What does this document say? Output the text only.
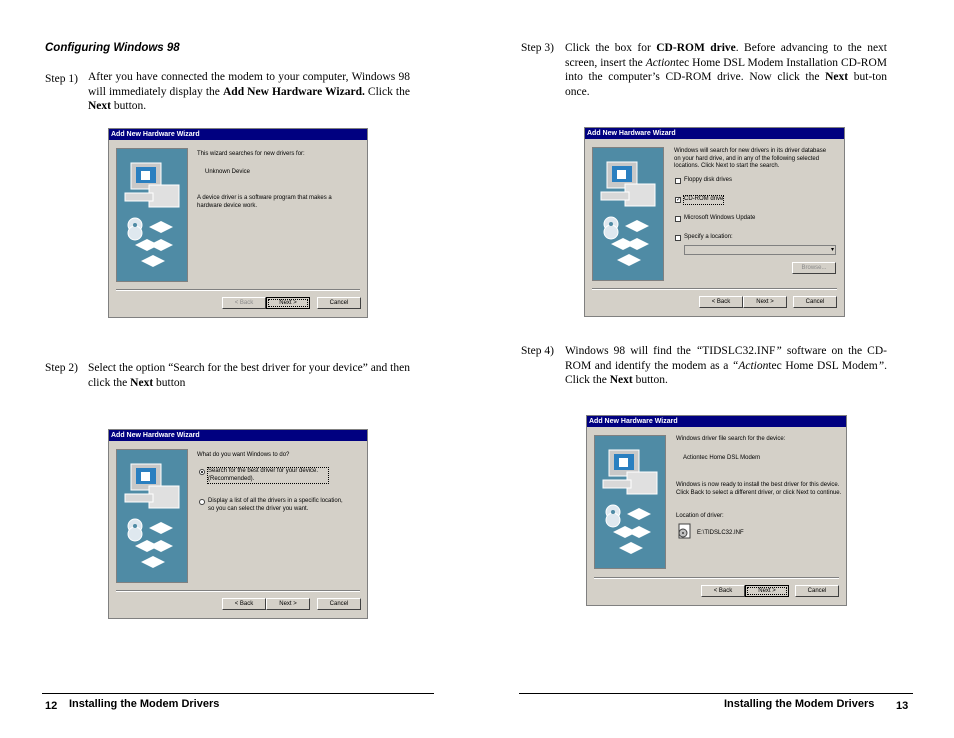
Configuring Windows 98
Step 1) After you have connected the modem to your computer, Windows 98 will immediately display the Add New Hardware Wizard. Click the Next button.
Add New Hardware Wizard
This wizard searches for new drivers for:
Unknown Device
A device driver is a software program that makes a hardware device work.
< Back	Next >	Cancel
Step 2) Select the option “Search for the best driver for your device” and then click the Next button
Add New Hardware Wizard
What do you want Windows to do?
Search for the best driver for your device. (Recommended).
Display a list of all the drivers in a specific location, so you can select the driver you want.
< Back	Next >	Cancel
Step 3) Click the box for CD-ROM drive. Before advancing to the next screen, insert the Actiontec Home DSL Modem Installation CD-ROM into the computer’s CD-ROM drive. Now click the Next but-ton once.
Add New Hardware Wizard
Windows will search for new drivers in its driver database on your hard drive, and in any of the following selected locations. Click Next to start the search.
Floppy disk drives
✓ CD-ROM drive
Microsoft Windows Update
Specify a location:
▾
Browse...
< Back	Next >	Cancel
Step 4) Windows 98 will find the “TIDSLC32.INF” software on the CD-ROM and identify the modem as a “Actiontec Home DSL Modem”. Click the Next button.
Add New Hardware Wizard
Windows driver file search for the device:
Actiontec Home DSL Modem
Windows is now ready to install the best driver for this device. Click Back to select a different driver, or click Next to continue.
Location of driver:
E:\TIDSLC32.INF
< Back	Next >	Cancel
12 Installing the Modem Drivers	Installing the Modem Drivers 13
